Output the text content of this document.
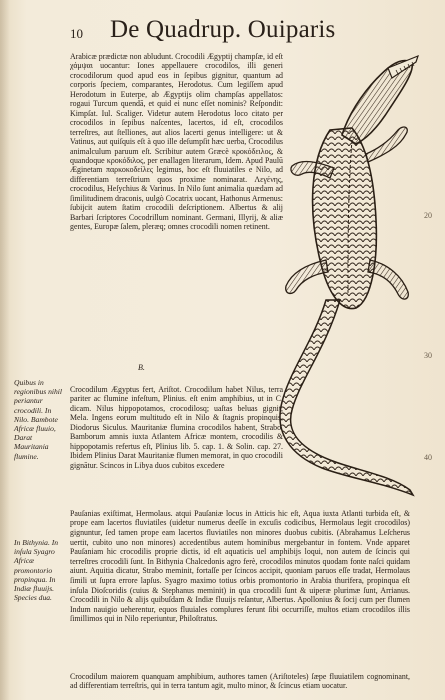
10 De Quadrup. Ouiparis

Arabicæ prædictæ non abludunt. Crocodili Ægyptij champſæ, id eſt χάμψαι uocantur: Iones appellauere crocodilos, illi generi crocodilorum quod apud eos in ſepibus gignitur, quantum ad corporis ſpeciem, comparantes, Herodotus. Cum legiſſem apud Herodotum in Euterpe, ab Ægyptijs olim champſas appellatos: rogaui Turcum quendā, et quid ei nunc eſſet nominis? Reſpondit: Kimpſat. Iul. Scaliger. Videtur autem Herodotus loco citato per crocodilos in ſepibus naſcentes, lacertos, id eſt, crocodilos terreſtres, aut ſtelliones, aut alios lacerti genus intelligere: ut & Vatinus, aut quiſquis eſt à quo ille deſumpſit hæc uerba, Crocodilus animalculum paruum eſt. Scribitur autem Græcè κροκόδειλος, & quandoque κροκόδιλος, per enallagen literarum, Idem. Apud Paulū Æginetam παρκοκοδείλες legimus, hoc eſt fluuiatiles e Nilo, ad differentiam terreſtrium quos proxime nominarat. Λεγένης, crocodilus, Heſychius & Varinus. In Nilo ſunt animalia quædam ad ſimilitudinem draconis, uulgò Cocatrix uocant, Hathonus Armenus: ſubijcit autem ſtatim crocodili deſcriptionem. Albertus & alij Barbari ſcriptores Cocodrillum nominant. Germani, Illyrij, & aliæ gentes, Europæ ſalem, pleræq; omnes crocodili nomen retinent.

B.
Quibus in regionibus nihil periantur crocodili. In Nilo. Bambote Africæ fluuio, Darat Mauritania flumine.

Crocodilum Ægyptus fert, Ariſtot. Crocodilum habet Nilus, terra pariter ac flumine infeſtum, Plinius. eſt enim amphibius, ut in C. dicam. Nilus hippopotamos, crocodilosq; uaſtas beluas gignit, Mela. Ingens eorum multitudo eſt in Nilo & ſtagnis propinquis, Diodorus Siculus. Mauritaniæ flumina crocodilos habent, Strabo. Bamborum amnis iuxta Atlantem Africæ montem, crocodilis & hippopotamis refertus eſt, Plinius lib. 5. cap. 1. & Solin. cap. 27. Ibidem Plinius Darat Mauritaniæ flumen memorat, in quo crocodili gignātur. Scincos in Libya duos cubitos excedere

In Bithynia. In inſula Syagro Africæ promontorio propinqua. In Indiæ fluuijs. Species dua.

Pauſanias exiſtimat, Hermolaus. atqui Pauſaniæ locus in Atticis hic eſt, Aqua iuxta Atlanti turbida eſt, & prope eam lacertos fluviatiles (uidetur numerus deeſſe in excuſis codicibus, Hermolaus legit crocodilos) gignuntur, ſed tamen prope eam lacertos fluviatiles non minores duobus cubitis. (Abrahamus Leſcherus uertit, cubito uno non minores) accedentibus autem hominibus mergebantur in fontem. Vnde apparet Pauſaniam hic crocodilis proprie dictis, id eſt aquaticis uel amphibijs loqui, non autem de ſcincis qui terreſtres crocodili ſunt. In Bithynia Chalcedonis agro ferè, crocodilos minutos quodam fonte naſci quidam aiunt. Aquitia dicatur, Strabo meminit, fortaſſe per ſcincos accipit, quoniam paruos eſſe tradat, Hermolaus ſimili ut ſupra errore lapſus. Syagro maximo totius orbis promontorio in Arabia thurifera, propinqua eſt inſula Dioſcoridis (cuius & Stephanus meminit) in qua crocodili ſunt & uiperæ plurimæ ſunt, Arrianus. Crocodili in Nilo & alijs quibuſdam & Indiæ fluuijs reſantur, Albertus. Apollonius & ſocij cum per flumen Indum nauigio ueherentur, equos fluuiales complures ferunt ſibi occurriſſe, multos etiam crocodilos illis ſimillimos qui in Nilo reperiuntur, Philoſtratus.

Crocodilum maiorem quanquam amphibium, authores tamen (Ariſtoteles) ſæpe fluuiatilem cognominant, ad differentiam terreſtris, qui in terra tantum agit, multo minor, & ſcincus etiam uocatur.

20
30
40
